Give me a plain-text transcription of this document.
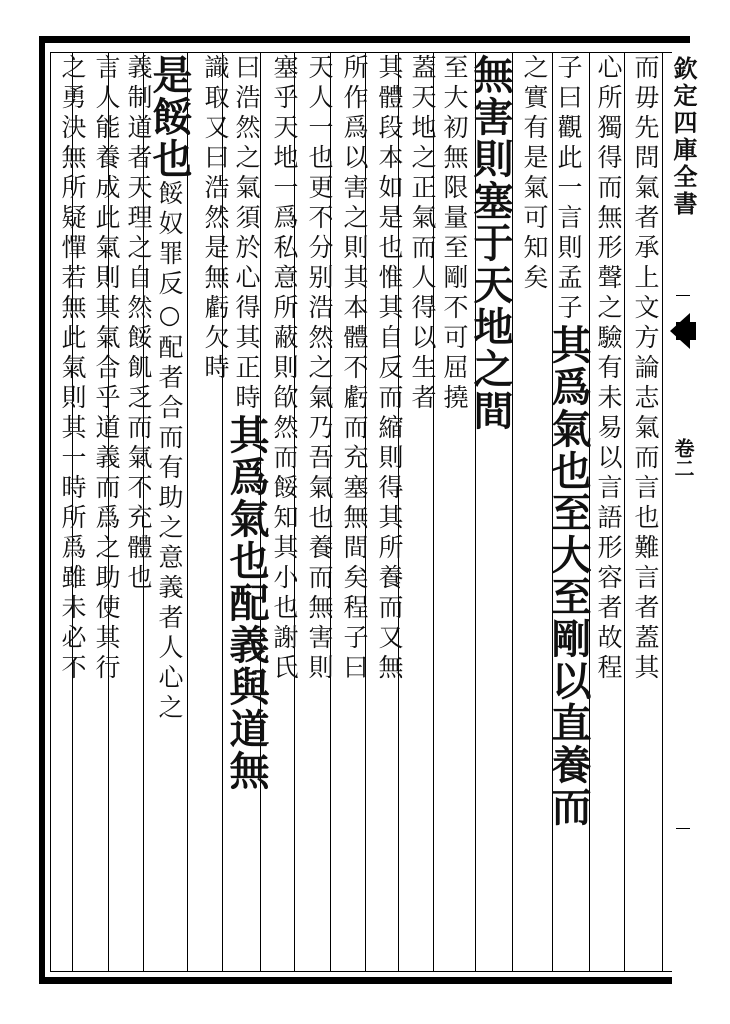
欽定四庫全書
卷二
而毋先問氣者承上文方論志氣而言也難言者蓋其
心所獨得而無形聲之驗有未易以言語形容者故程
子曰觀此一言則孟子其爲氣也至大至剛以直養而
之實有是氣可知矣
無害則塞于天地之間
至大初無限量至剛不可屈撓
蓋天地之正氣而人得以生者
其體段本如是也惟其自反而縮則得其所養而又無
所作爲以害之則其本體不虧而充塞無間矣程子曰
天人一也更不分别浩然之氣乃吾氣也養而無害則
塞乎天地一爲私意所蔽則欿然而餒知其小也謝氏
曰浩然之氣須於心得其正時其爲氣也配義與道無
識取又曰浩然是無虧欠時
是餒也餒奴罪反○配者合而有助之意義者人心之
義制道者天理之自然餒飢乏而氣不充體也
言人能養成此氣則其氣合乎道義而爲之助使其行
之勇決無所疑憚若無此氣則其一時所爲雖未必不
